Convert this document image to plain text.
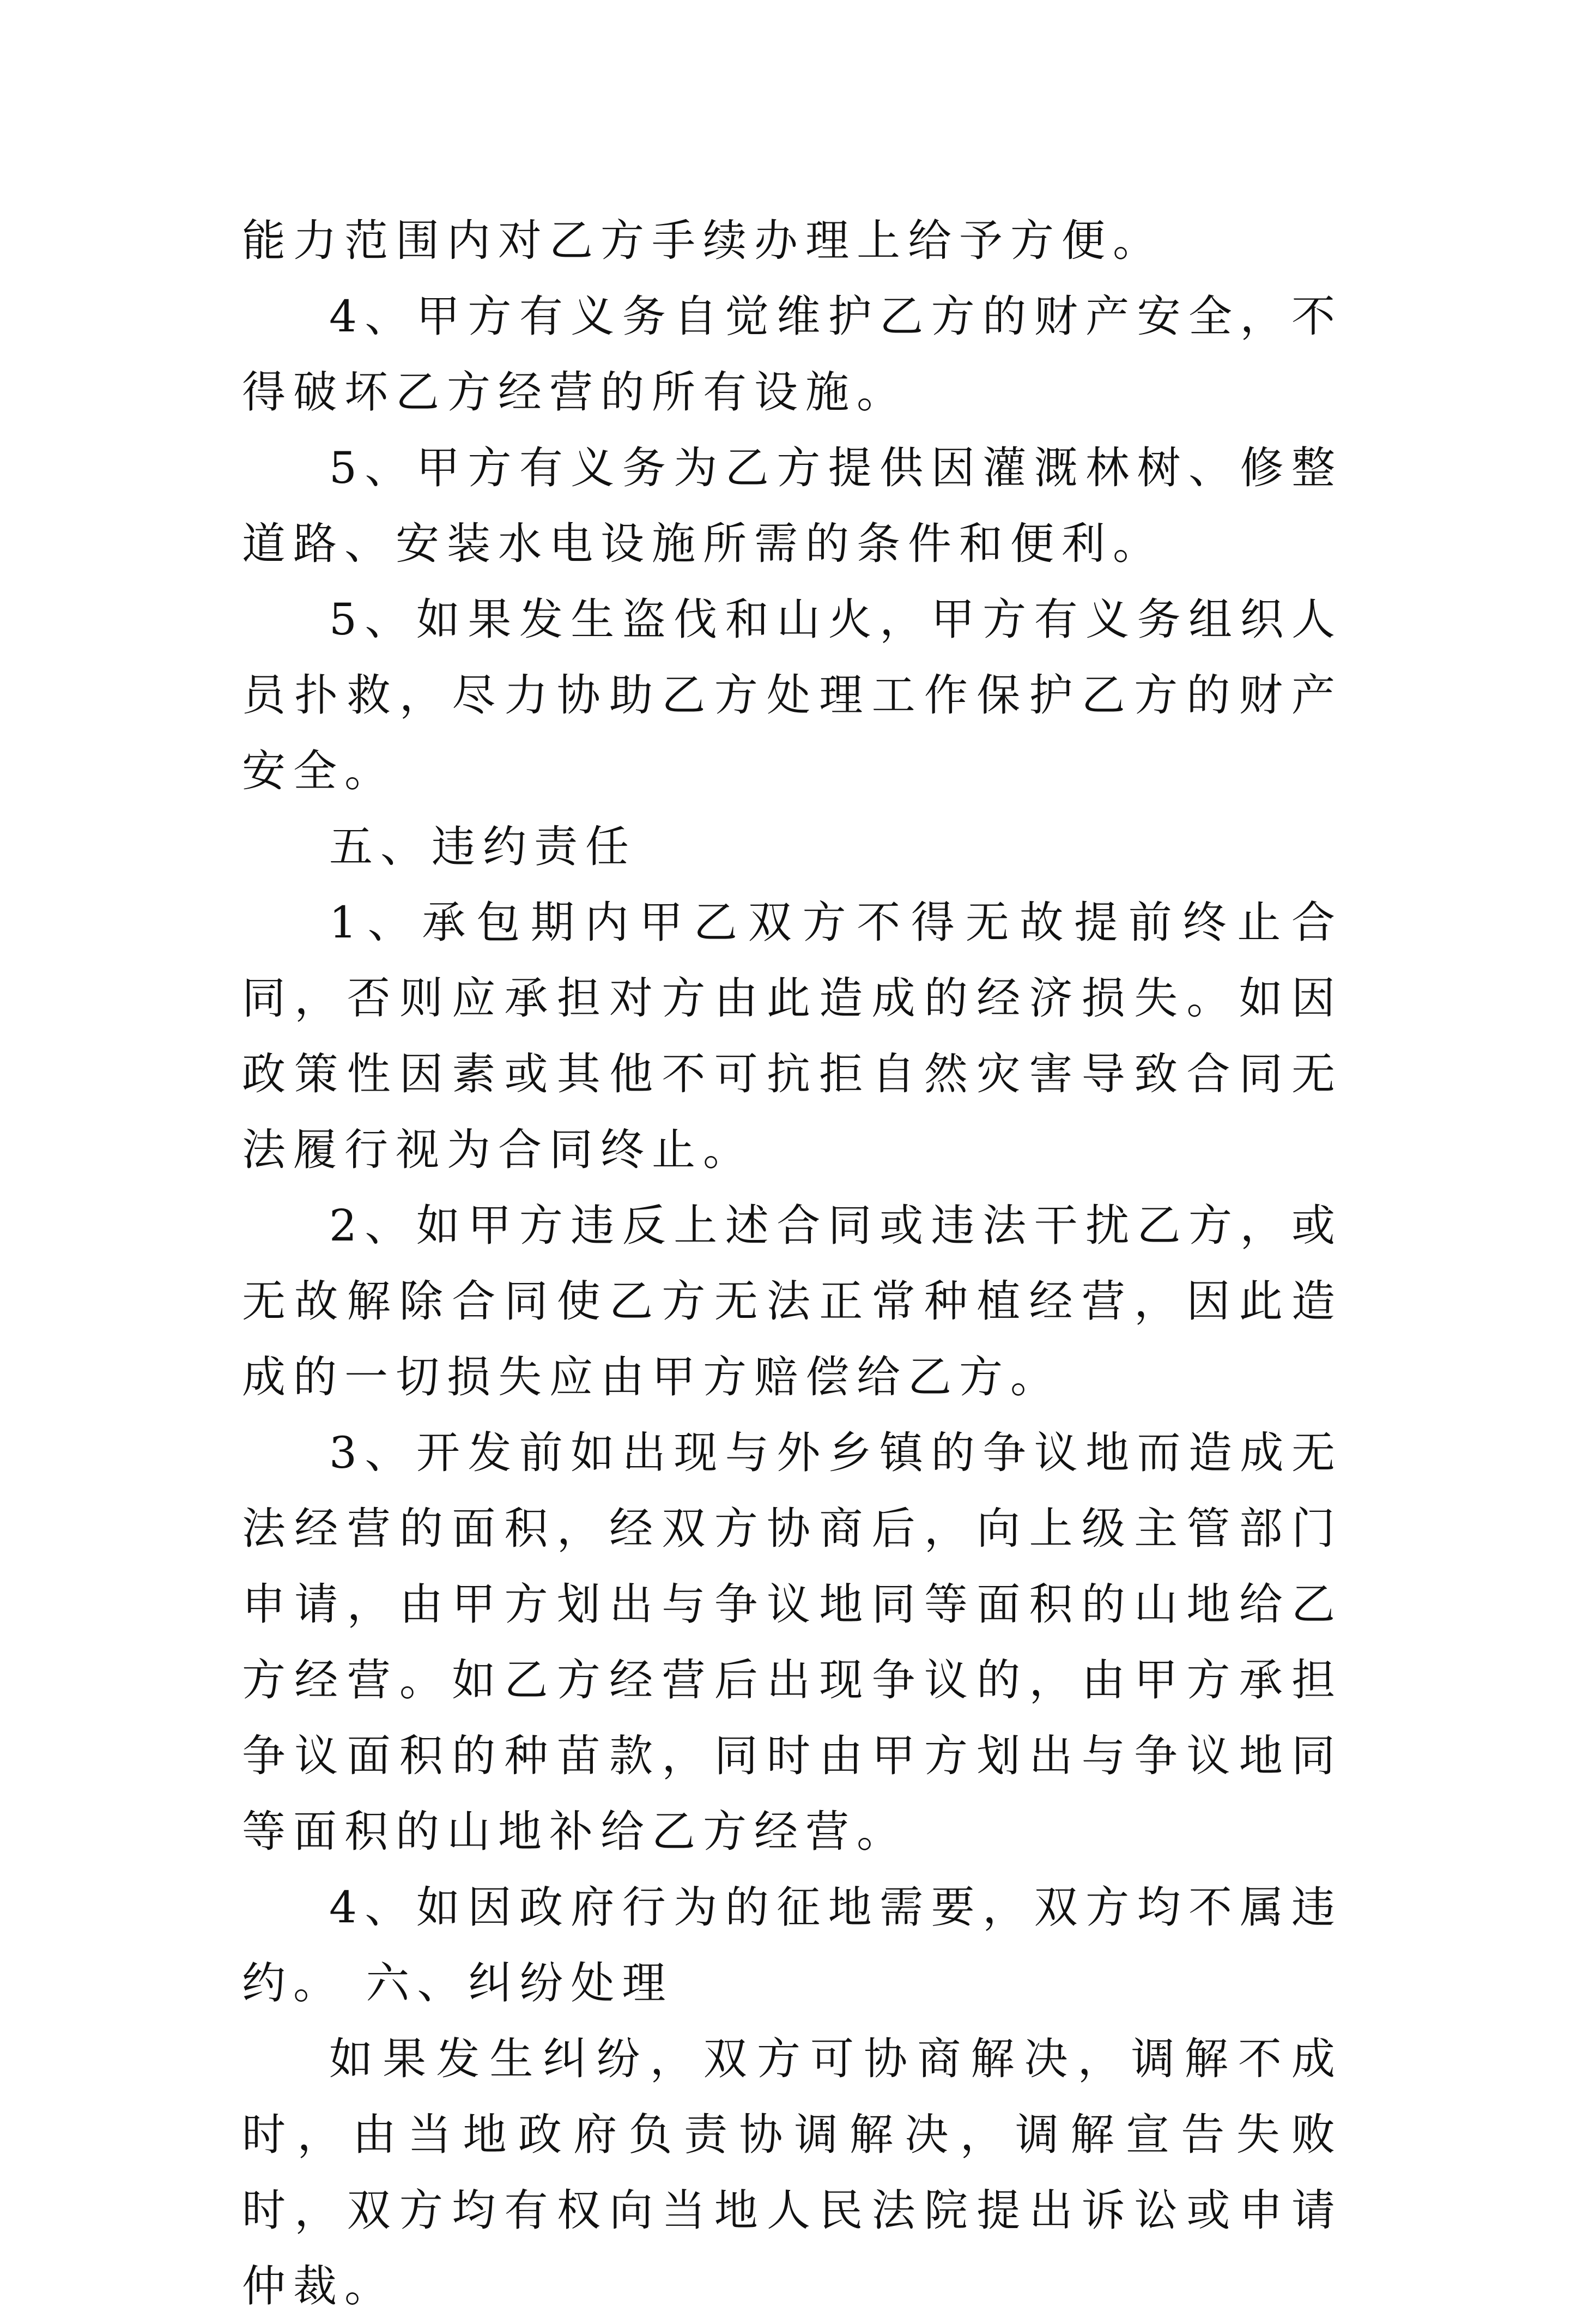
能力范围内对乙方手续办理上给予方便。

4、甲方有义务自觉维护乙方的财产安全，不得破坏乙方经营的所有设施。

5、甲方有义务为乙方提供因灌溉林树、修整道路、安装水电设施所需的条件和便利。

5、如果发生盗伐和山火，甲方有义务组织人员扑救，尽力协助乙方处理工作保护乙方的财产安全。

五、违约责任

1、承包期内甲乙双方不得无故提前终止合同，否则应承担对方由此造成的经济损失。如因政策性因素或其他不可抗拒自然灾害导致合同无法履行视为合同终止。

2、如甲方违反上述合同或违法干扰乙方，或无故解除合同使乙方无法正常种植经营，因此造成的一切损失应由甲方赔偿给乙方。

3、开发前如出现与外乡镇的争议地而造成无法经营的面积，经双方协商后，向上级主管部门申请，由甲方划出与争议地同等面积的山地给乙方经营。如乙方经营后出现争议的，由甲方承担争议面积的种苗款，同时由甲方划出与争议地同等面积的山地补给乙方经营。

4、如因政府行为的征地需要，双方均不属违约。 六、纠纷处理

如果发生纠纷，双方可协商解决，调解不成时，由当地政府负责协调解决，调解宣告失败时，双方均有权向当地人民法院提出诉讼或申请仲裁。
